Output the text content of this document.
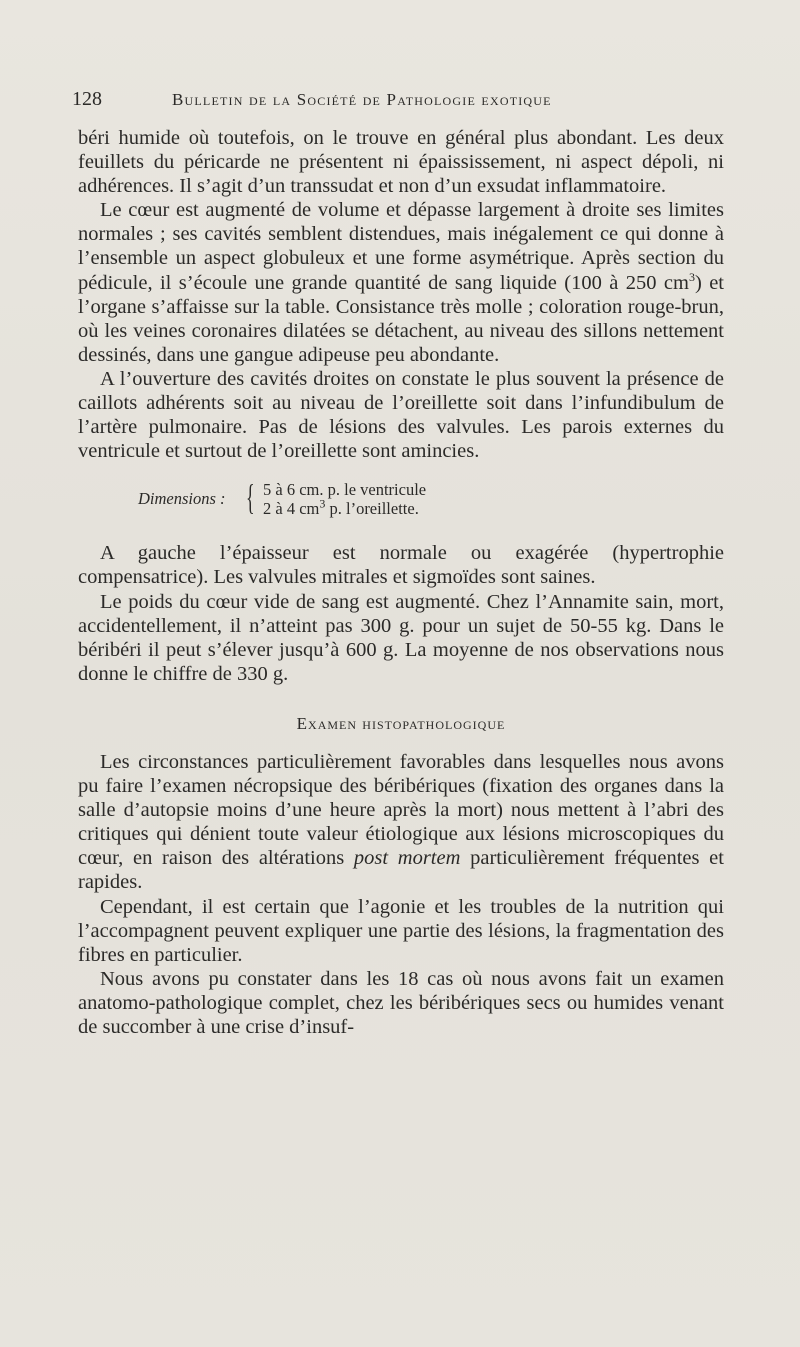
128	Bulletin de la Société de Pathologie exotique

béri humide où toutefois, on le trouve en général plus abondant. Les deux feuillets du péricarde ne présentent ni épaississement, ni aspect dépoli, ni adhérences. Il s’agit d’un transsudat et non d’un exsudat inflammatoire.

Le cœur est augmenté de volume et dépasse largement à droite ses limites normales ; ses cavités semblent distendues, mais inégalement ce qui donne à l’ensemble un aspect globuleux et une forme asymétrique. Après section du pédicule, il s’écoule une grande quantité de sang liquide (100 à 250 $cm^3$) et l’organe s’affaisse sur la table. Consistance très molle ; coloration rouge-brun, où les veines coronaires dilatées se détachent, au niveau des sillons nettement dessinés, dans une gangue adipeuse peu abondante.

A l’ouverture des cavités droites on constate le plus souvent la présence de caillots adhérents soit au niveau de l’oreillette soit dans l’infundibulum de l’artère pulmonaire. Pas de lésions des valvules. Les parois externes du ventricule et surtout de l’oreillette sont amincies.

Dimensions : { 5 à 6 cm. p. le ventricule
2 à 4 $cm^3$ p. l’oreillette.

A gauche l’épaisseur est normale ou exagérée (hypertrophie compensatrice). Les valvules mitrales et sigmoïdes sont saines.

Le poids du cœur vide de sang est augmenté. Chez l’Annamite sain, mort, accidentellement, il n’atteint pas 300 g. pour un sujet de 50-55 kg. Dans le béribéri il peut s’élever jusqu’à 600 g. La moyenne de nos observations nous donne le chiffre de 330 g.

Examen histopathologique

Les circonstances particulièrement favorables dans lesquelles nous avons pu faire l’examen nécropsique des béribériques (fixation des organes dans la salle d’autopsie moins d’une heure après la mort) nous mettent à l’abri des critiques qui dénient toute valeur étiologique aux lésions microscopiques du cœur, en raison des altérations post mortem particulièrement fréquentes et rapides.

Cependant, il est certain que l’agonie et les troubles de la nutrition qui l’accompagnent peuvent expliquer une partie des lésions, la fragmentation des fibres en particulier.

Nous avons pu constater dans les 18 cas où nous avons fait un examen anatomo-pathologique complet, chez les béribériques secs ou humides venant de succomber à une crise d’insuf-
